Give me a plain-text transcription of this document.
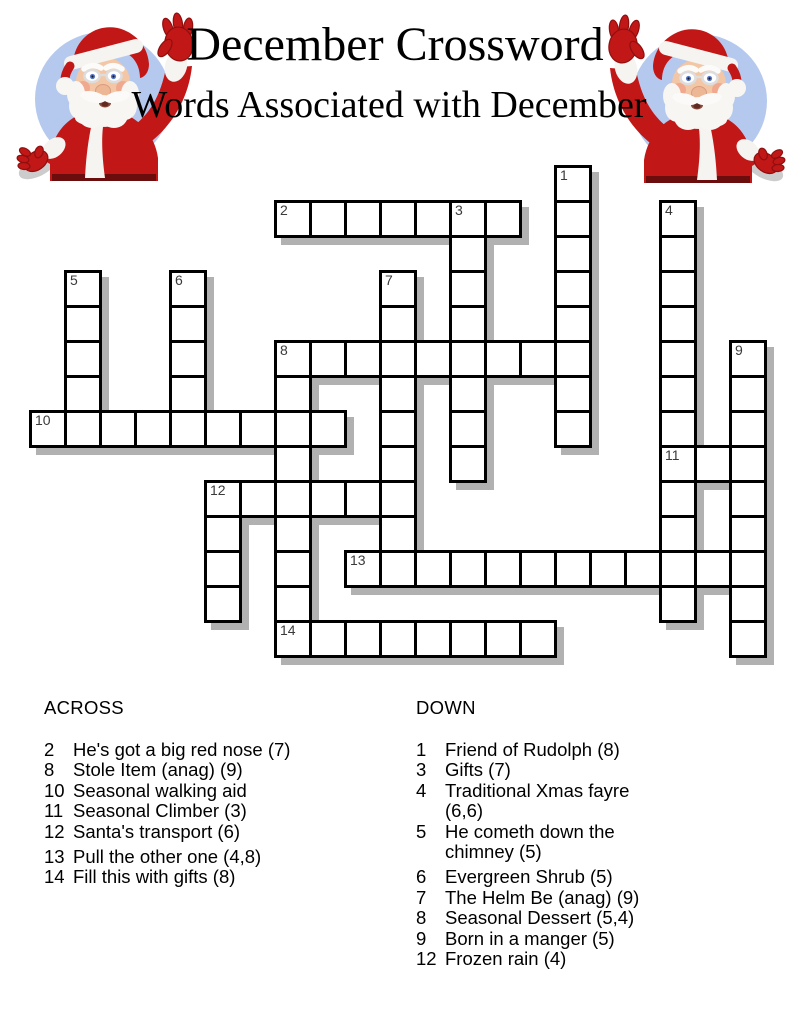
December Crossword
Words Associated with December
1
2	3	4
5	6	7
8	9
10
11
12
13
14
ACROSS	DOWN
2	He's got a big red nose (7)
8	Stole Item (anag) (9)
10 Seasonal walking aid
11 Seasonal Climber (3)
12 Santa's transport (6)
13 Pull the other one (4,8)
14 Fill this with gifts (8)
1	Friend of Rudolph (8)
3	Gifts (7)
4	Traditional Xmas fayre (6,6)
5	He cometh down the chimney (5)
6	Evergreen Shrub (5)
7	The Helm Be (anag) (9)
8	Seasonal Dessert (5,4)
9	Born in a manger (5)
12 Frozen rain (4)
